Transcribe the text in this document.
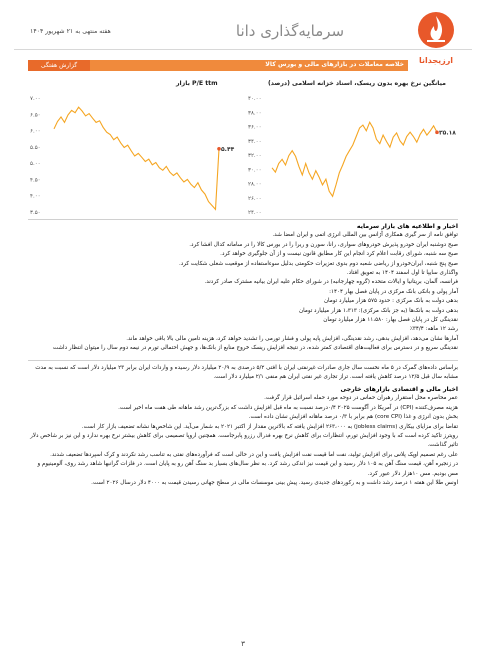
ارزیجدانا
سرمایه‌گذاری دانا
هفته منتهی به ۲۱ شهریور ۱۴۰۴
خلاصه معاملات در بازارهای مالی و بورس کالا
گزارش هفتگی
میانگین نرخ بهره بدون ریسک، اسناد خزانه اسلامی (درصد)
P/E ttm بازار
۷.۰۰
۶.۵۰
۶.۰۰
۵.۵۰
۵.۰۰
۴.۵۰
۴.۰۰
۳.۵۰
۵.۴۴
۴۰.۰۰
۳۸.۰۰
۳۶.۰۰
۳۴.۰۰
۳۲.۰۰
۳۰.۰۰
۲۸.۰۰
۲۶.۰۰
۲۴.۰۰
۳۵.۱۸
اخبار و اطلاعیه های بازار سرمایه
توافق نامه از سر گیری همکاری آژانس بین المللی انرژی اتمی و ایران امضا شد.
صبح دوشنبه ایران خودرو پذیرش خودروهای سواری، رانا، سورن و ریرا را در بورس کالا را در سامانه کدال افشا کرد.
صبح سه شنبه، شورای رقابت اعلام کرد انجام این کار مطابق قانون نیست و از آن جلوگیری خواهد کرد.
صبح پنج شنبه، ایران‌خودرو از ریاضی شعبه دوم بدوی تعزیرات حکومتی بدلیل سوءاستفاده از موقعیت شغلی شکایت کرد.
واگذاری سایپا تا اول اسفند ۱۴۰۴ به تعویق افتاد.
فرانسه، آلمان، بریتانیا و ایالات متحده (گروه چهارجانبه) در شورای حکام علیه ایران بیانیه مشترک صادر کردند.
آمار پولی و بانکی بانک مرکزی در پایان فصل بهار ۱۴۰۴:
بدهی دولت به بانک مرکزی : حدود ۵۷۵ هزار میلیارد تومان
بدهی دولت به بانک‌ها (به جز بانک مرکزی): ۱،۳۱۳ هزار میلیارد تومان
نقدینگی کل در پایان فصل بهار: ۱۱،۵۸۰ هزار میلیارد تومان
رشد ۱۲ ماهه: ۳۴/۴٪
آمارها نشان می‌دهد، افزایش بدهی، رشد نقدینگی، افزایش پایه پولی و فشار تورمی را تشدید خواهد کرد، هزینه تامین مالی بالا باقی خواهد ماند.
نقدینگی سریع و در دسترس برای فعالیت‌های اقتصادی کمتر شده، در نتیجه افزایش ریسک خروج منابع از بانک‌ها، و جهش احتمالی تورم در نیمه دوم سال را میتوان انتظار داشت
براساس داده‌های گمرک در ۵ ماه نخست سال جاری صادرات غیرنفتی ایران با افتی ۵/۲ درصدی به ۲۰/۹ میلیارد دلار رسیده و واردات ایران برابر ۲۳ میلیارد دلار است که نسبت به مدت مشابه سال قبل ۱۲/۵ درصد کاهش یافته است. تراز تجاری غیر نفتی ایران هم منفی ۲/۱ میلیارد دلار است.
اخبار مالی و اقتصادی بازارهای خارجی
عمر محاصره محل استقرار رهبران حماس در دوحه مورد حمله اسرائیل قرار گرفت.
هزینه مصرف‌کننده (CPI) در آمریکا در آگوست ۲۰۲۵ ۰/۴درصد نسبت به ماه قبل افزایش داشت که بزرگ‌ترین رشد ماهانه طی هفت ماه اخیر است.
بخش بدون انرژی و غذا (core CPI) هم برابر با ۰/۳ درصد ماهانه افزایش نشان داده است.
تقاضا برای مزایای بیکاری (jobless claims) به ۲۶۳،۰۰۰ افزایش یافته که بالاترین مقدار از اکتبر ۲۰۲۱ به شمار می‌آید. این شاخص‌ها نشانه تضعیف بازار کار است.
رویترز تاکید کرده است که با وجود افزایش تورم، انتظارات برای کاهش نرخ بهره فدرال رزرو پابرجاست. همچنین اروپا تصمیمی برای کاهش بیشتر نرخ بهره ندارد و این نیز بر شاخص دلار تاثیر گذاشت.
علی رغم تصمیم اوپک پلاس برای افزایش تولید، نفت اما قیمت نفت افزایش یافت و این در حالی است که فرآورده‌های نفتی به تناسب رشد نکردند و کرک اسپردها تضعیف شدند.
در زنجیره آهن، قیمت سنگ آهن به ۱۰۵ دلار رسید و این قیمت نیز اندکی رشد کرد. به نظر سال‌های بسیار بد سنگ آهن رو به پایان است. در فلزات گرانبها شاهد رشد روی، آلومینیوم و مس بودیم. مس ۱۰هزار دلار عبور کرد.
اونس طلا این هفته ۱ درصد رشد داشت و به رکوردهای جدیدی رسید. پیش بینی موسسات مالی در سطح جهانی رسیدن قیمت به ۴۰۰۰ دلار درسال ۲۰۲۶ است.
۳
